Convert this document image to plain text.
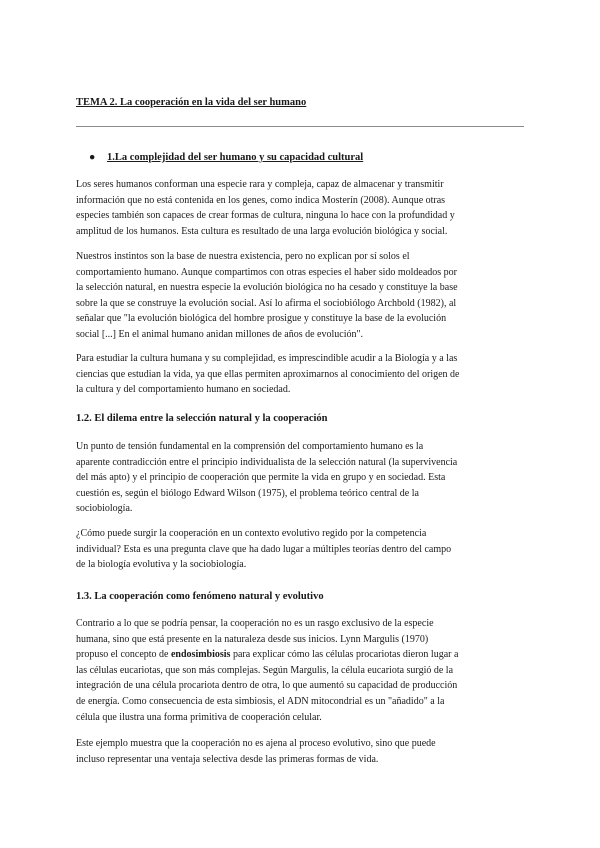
TEMA 2. La cooperación en la vida del ser humano
● 1.La complejidad del ser humano y su capacidad cultural

Los seres humanos conforman una especie rara y compleja, capaz de almacenar y transmitir
información que no está contenida en los genes, como indica Mosterín (2008). Aunque otras
especies también son capaces de crear formas de cultura, ninguna lo hace con la profundidad y
amplitud de los humanos. Esta cultura es resultado de una larga evolución biológica y social.

Nuestros instintos son la base de nuestra existencia, pero no explican por sí solos el
comportamiento humano. Aunque compartimos con otras especies el haber sido moldeados por
la selección natural, en nuestra especie la evolución biológica no ha cesado y constituye la base
sobre la que se construye la evolución social. Así lo afirma el sociobiólogo Archbold (1982), al
señalar que "la evolución biológica del hombre prosigue y constituye la base de la evolución
social [...] En el animal humano anidan millones de años de evolución".

Para estudiar la cultura humana y su complejidad, es imprescindible acudir a la Biología y a las
ciencias que estudian la vida, ya que ellas permiten aproximarnos al conocimiento del origen de
la cultura y del comportamiento humano en sociedad.

1.2. El dilema entre la selección natural y la cooperación

Un punto de tensión fundamental en la comprensión del comportamiento humano es la
aparente contradicción entre el principio individualista de la selección natural (la supervivencia
del más apto) y el principio de cooperación que permite la vida en grupo y en sociedad. Esta
cuestión es, según el biólogo Edward Wilson (1975), el problema teórico central de la
sociobiología.

¿Cómo puede surgir la cooperación en un contexto evolutivo regido por la competencia
individual? Esta es una pregunta clave que ha dado lugar a múltiples teorías dentro del campo
de la biología evolutiva y la sociobiología.

1.3. La cooperación como fenómeno natural y evolutivo

Contrario a lo que se podría pensar, la cooperación no es un rasgo exclusivo de la especie
humana, sino que está presente en la naturaleza desde sus inicios. Lynn Margulis (1970)
propuso el concepto de endosimbiosis para explicar cómo las células procariotas dieron lugar a
las células eucariotas, que son más complejas. Según Margulis, la célula eucariota surgió de la
integración de una célula procariota dentro de otra, lo que aumentó su capacidad de producción
de energía. Como consecuencia de esta simbiosis, el ADN mitocondrial es un "añadido" a la
célula que ilustra una forma primitiva de cooperación celular.

Este ejemplo muestra que la cooperación no es ajena al proceso evolutivo, sino que puede
incluso representar una ventaja selectiva desde las primeras formas de vida.
